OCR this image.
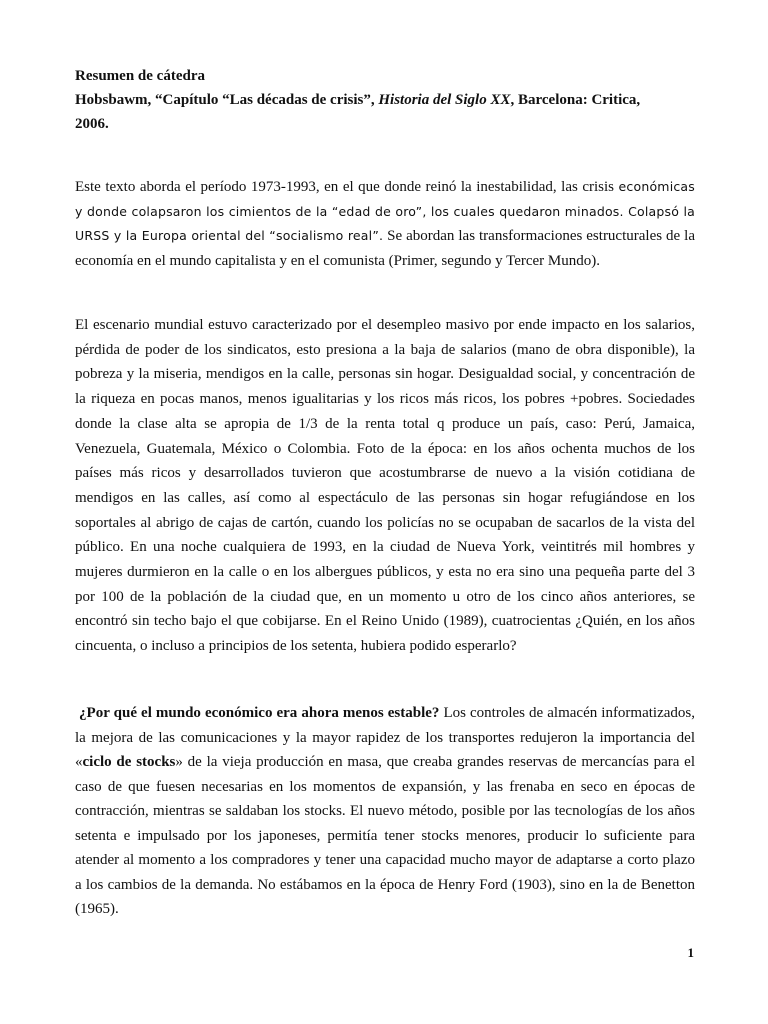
Resumen de cátedra
Hobsbawm, “Capítulo “Las décadas de crisis”, Historia del Siglo XX, Barcelona: Critica,
2006.

Este texto aborda el período 1973-1993, en el que donde reinó la inestabilidad, las crisis económicas y donde colapsaron los cimientos de la “edad de oro”, los cuales quedaron minados. Colapsó la URSS y la Europa oriental del “socialismo real”. Se abordan las transformaciones estructurales de la economía en el mundo capitalista y en el comunista (Primer, segundo y Tercer Mundo).

El escenario mundial estuvo caracterizado por el desempleo masivo por ende impacto en los salarios, pérdida de poder de los sindicatos, esto presiona a la baja de salarios (mano de obra disponible), la pobreza y la miseria, mendigos en la calle, personas sin hogar. Desigualdad social, y concentración de la riqueza en pocas manos, menos igualitarias y los ricos más ricos, los pobres +pobres. Sociedades donde la clase alta se apropia de 1/3 de la renta total q produce un país, caso: Perú, Jamaica, Venezuela, Guatemala, México o Colombia. Foto de la época: en los años ochenta muchos de los países más ricos y desarrollados tuvieron que acostumbrarse de nuevo a la visión cotidiana de mendigos en las calles, así como al espectáculo de las personas sin hogar refugiándose en los soportales al abrigo de cajas de cartón, cuando los policías no se ocupaban de sacarlos de la vista del público. En una noche cualquiera de 1993, en la ciudad de Nueva York, veintitrés mil hombres y mujeres durmieron en la calle o en los albergues públicos, y esta no era sino una pequeña parte del 3 por 100 de la población de la ciudad que, en un momento u otro de los cinco años anteriores, se encontró sin techo bajo el que cobijarse. En el Reino Unido (1989), cuatrocientas ¿Quién, en los años cincuenta, o incluso a principios de los setenta, hubiera podido esperarlo?

¿Por qué el mundo económico era ahora menos estable? Los controles de almacén informatizados, la mejora de las comunicaciones y la mayor rapidez de los transportes redujeron la importancia del «ciclo de stocks» de la vieja producción en masa, que creaba grandes reservas de mercancías para el caso de que fuesen necesarias en los momentos de expansión, y las frenaba en seco en épocas de contracción, mientras se saldaban los stocks. El nuevo método, posible por las tecnologías de los años setenta e impulsado por los japoneses, permitía tener stocks menores, producir lo suficiente para atender al momento a los compradores y tener una capacidad mucho mayor de adaptarse a corto plazo a los cambios de la demanda. No estábamos en la época de Henry Ford (1903), sino en la de Benetton (1965).

1
